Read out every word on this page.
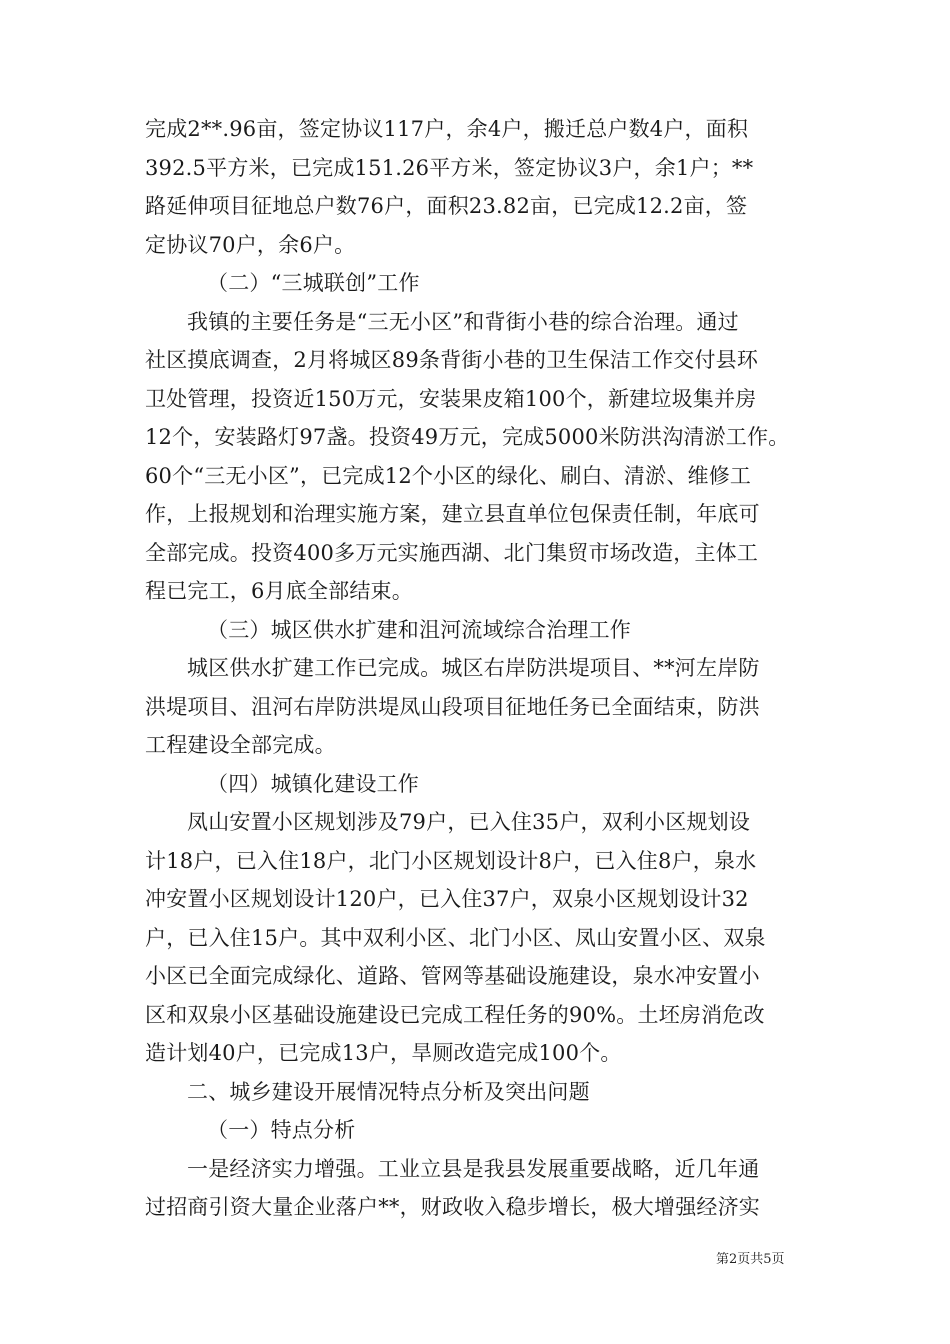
完成2**.96亩，签定协议117户，余4户，搬迁总户数4户，面积
392.5平方米，已完成151.26平方米，签定协议3户，余1户；**
路延伸项目征地总户数76户，面积23.82亩，已完成12.2亩，签
定协议70户，余6户。
（二）“三城联创”工作
我镇的主要任务是“三无小区”和背街小巷的综合治理。通过
社区摸底调查，2月将城区89条背街小巷的卫生保洁工作交付县环
卫处管理，投资近150万元，安装果皮箱100个，新建垃圾集并房
12个，安装路灯97盏。投资49万元，完成5000米防洪沟清淤工作。
60个“三无小区”，已完成12个小区的绿化、刷白、清淤、维修工
作，上报规划和治理实施方案，建立县直单位包保责任制，年底可
全部完成。投资400多万元实施西湖、北门集贸市场改造，主体工
程已完工，6月底全部结束。
（三）城区供水扩建和沮河流域综合治理工作
城区供水扩建工作已完成。城区右岸防洪堤项目、**河左岸防
洪堤项目、沮河右岸防洪堤凤山段项目征地任务已全面结束，防洪
工程建设全部完成。
（四）城镇化建设工作
凤山安置小区规划涉及79户，已入住35户，双利小区规划设
计18户，已入住18户，北门小区规划设计8户，已入住8户，泉水
冲安置小区规划设计120户，已入住37户，双泉小区规划设计32
户，已入住15户。其中双利小区、北门小区、凤山安置小区、双泉
小区已全面完成绿化、道路、管网等基础设施建设，泉水冲安置小
区和双泉小区基础设施建设已完成工程任务的90%。土坯房消危改
造计划40户，已完成13户，旱厕改造完成100个。
二、城乡建设开展情况特点分析及突出问题
（一）特点分析
一是经济实力增强。工业立县是我县发展重要战略，近几年通
过招商引资大量企业落户**，财政收入稳步增长，极大增强经济实
第2页共5页
